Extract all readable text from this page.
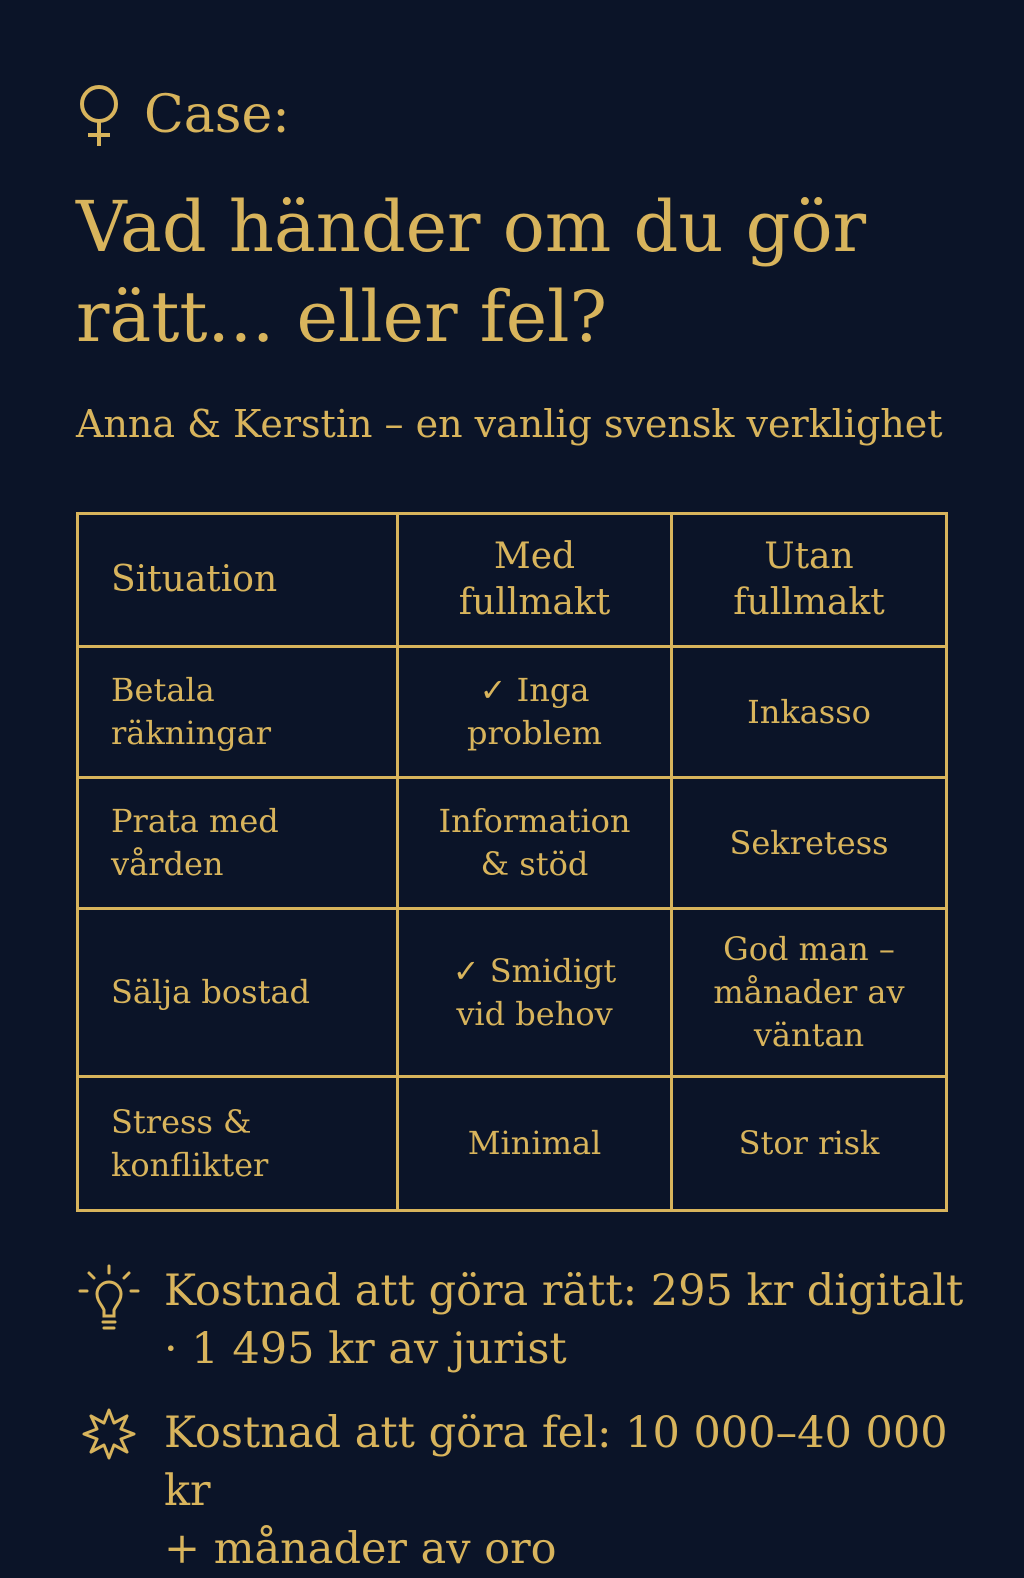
Case:
Vad händer om du gör
rätt... eller fel?
Anna & Kerstin – en vanlig svensk verklighet
Situation
Med
fullmakt
Utan
fullmakt
Betala räkningar
✓ Inga
problem
Inkasso
Prata med
vården
Information
& stöd
Sekretess
Sälja bostad
✓ Smidigt
vid behov
God man –
månader av
väntan
Stress &
konflikter
Minimal	Stor risk
Kostnad att göra rätt: 295 kr digitalt
· 1 495 kr av jurist
Kostnad att göra fel: 10 000–40 000 kr
+ månader av oro
